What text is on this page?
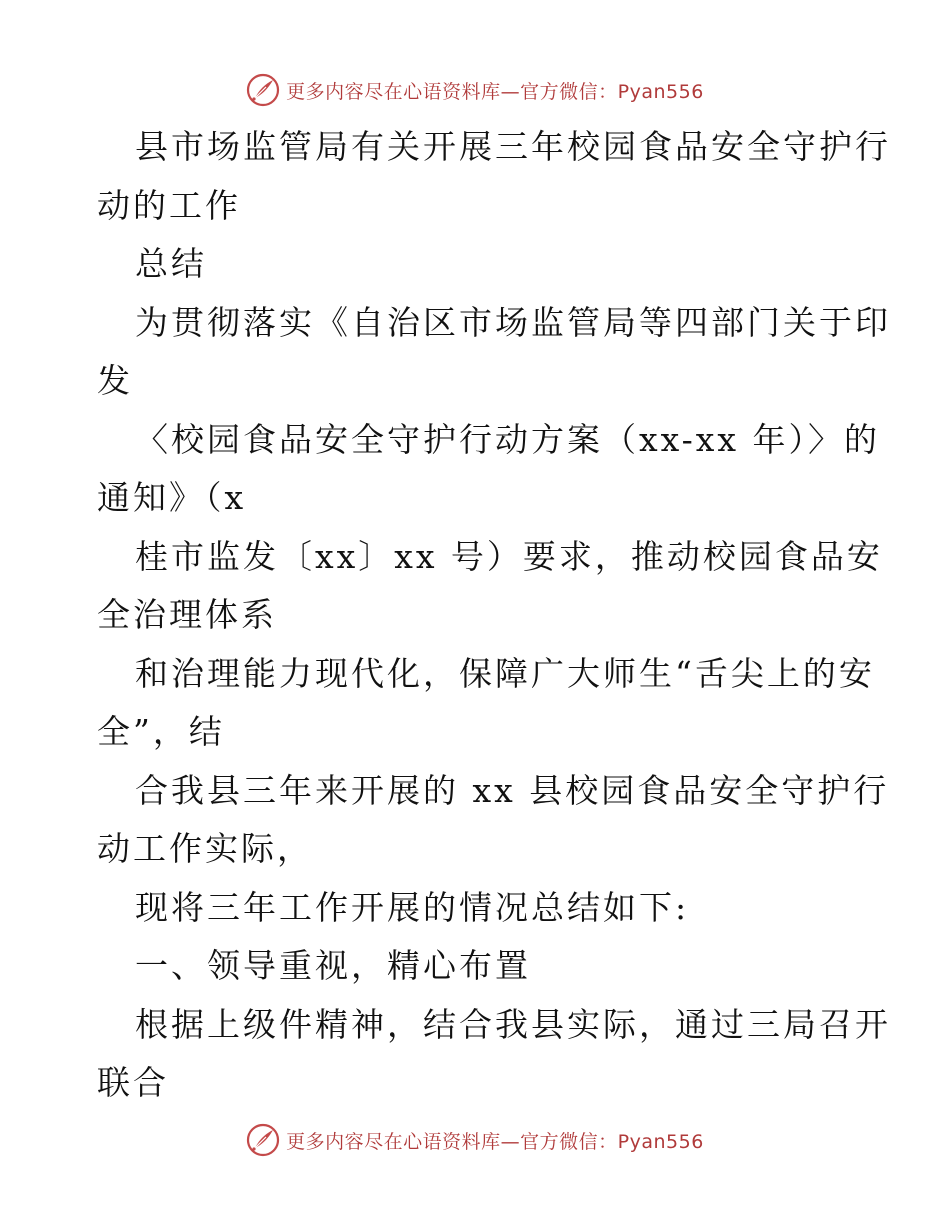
更多内容尽在心语资料库—官方微信：Pyan556
县市场监管局有关开展三年校园食品安全守护行
动的工作
总结
为贯彻落实《自治区市场监管局等四部门关于印
发
〈校园食品安全守护行动方案（xx-xx 年）〉的
通知》（x
桂市监发〔xx〕xx 号）要求，推动校园食品安
全治理体系
和治理能力现代化，保障广大师生“舌尖上的安
全”，结
合我县三年来开展的 xx 县校园食品安全守护行
动工作实际，
现将三年工作开展的情况总结如下:
一、领导重视，精心布置
根据上级件精神，结合我县实际，通过三局召开
联合
更多内容尽在心语资料库—官方微信：Pyan556
